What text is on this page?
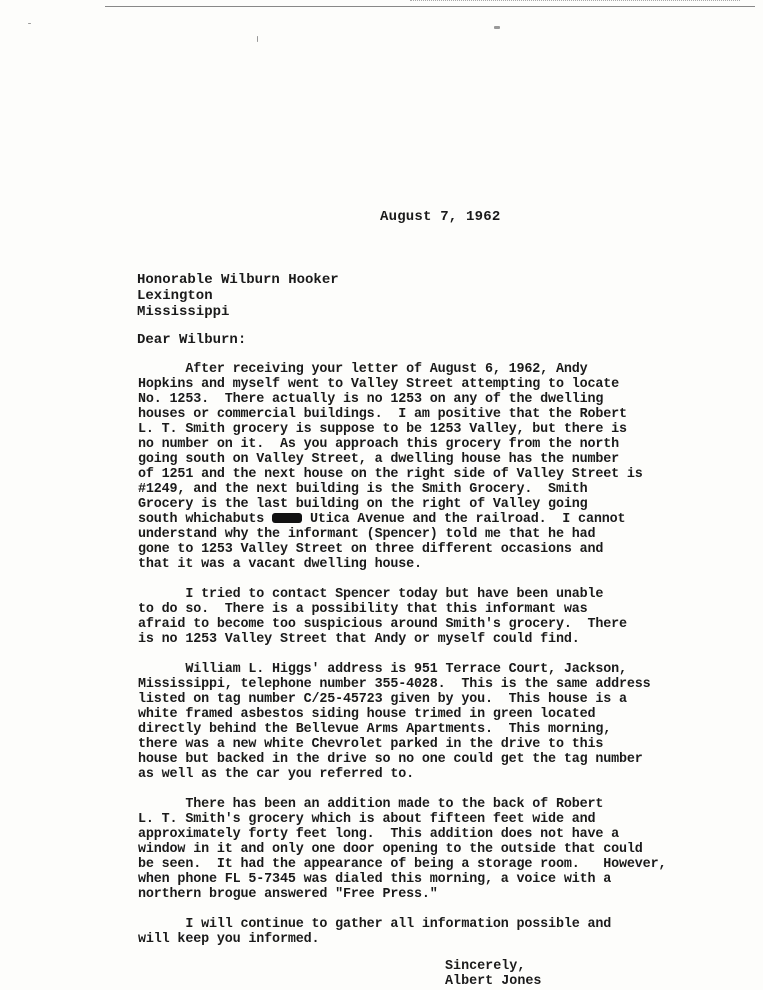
August 7, 1962
Honorable Wilburn Hooker
Lexington
Mississippi
Dear Wilburn:
After receiving your letter of August 6, 1962, Andy
Hopkins and myself went to Valley Street attempting to locate
No. 1253.  There actually is no 1253 on any of the dwelling
houses or commercial buildings.  I am positive that the Robert
L. T. Smith grocery is suppose to be 1253 Valley, but there is
no number on it.  As you approach this grocery from the north
going south on Valley Street, a dwelling house has the number
of 1251 and the next house on the right side of Valley Street is
#1249, and the next building is the Smith Grocery.  Smith
Grocery is the last building on the right of Valley going
south whichabuts  Utica Avenue and the railroad.  I cannot
understand why the informant (Spencer) told me that he had
gone to 1253 Valley Street on three different occasions and
that it was a vacant dwelling house.
I tried to contact Spencer today but have been unable
to do so.  There is a possibility that this informant was
afraid to become too suspicious around Smith's grocery.  There
is no 1253 Valley Street that Andy or myself could find.
William L. Higgs' address is 951 Terrace Court, Jackson,
Mississippi, telephone number 355-4028.  This is the same address
listed on tag number C/25-45723 given by you.  This house is a
white framed asbestos siding house trimed in green located
directly behind the Bellevue Arms Apartments.  This morning,
there was a new white Chevrolet parked in the drive to this
house but backed in the drive so no one could get the tag number
as well as the car you referred to.
There has been an addition made to the back of Robert
L. T. Smith's grocery which is about fifteen feet wide and
approximately forty feet long.  This addition does not have a
window in it and only one door opening to the outside that could
be seen.  It had the appearance of being a storage room.   However,
when phone FL 5-7345 was dialed this morning, a voice with a
northern brogue answered "Free Press."
I will continue to gather all information possible and
will keep you informed.
Sincerely,
Albert Jones
